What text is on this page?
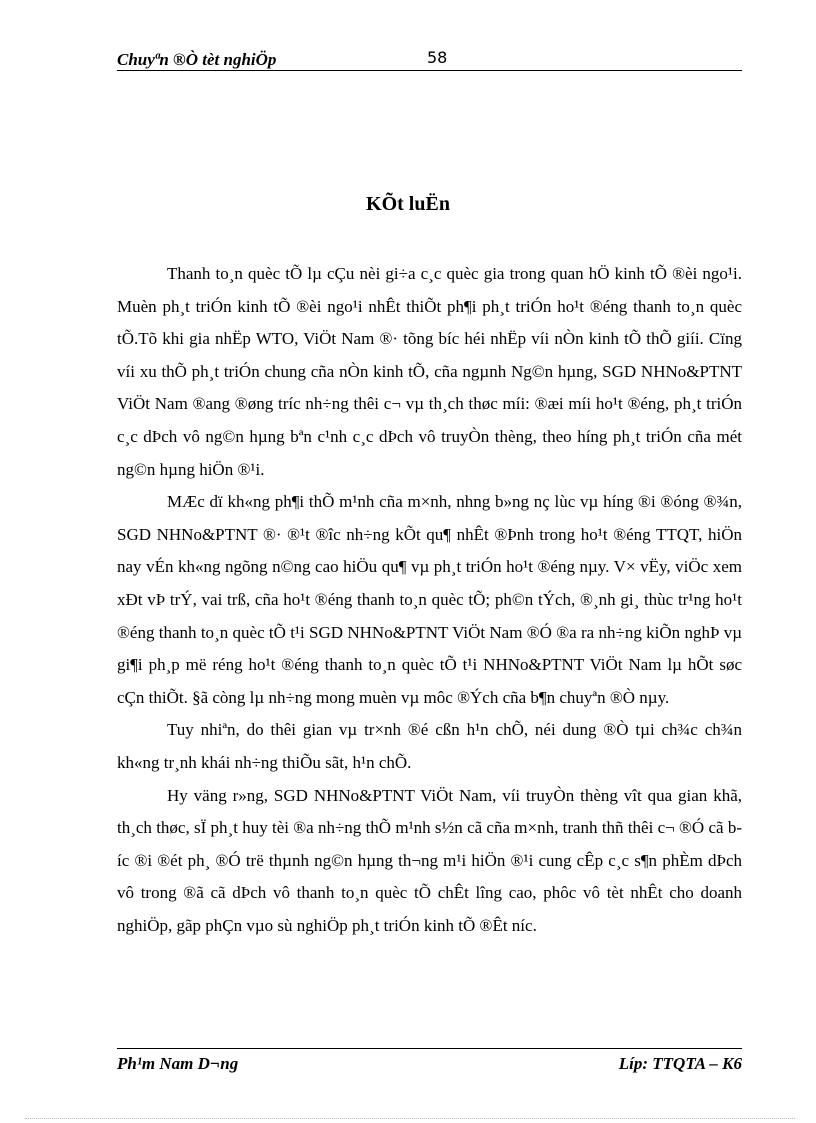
Chuyªn ®Ò tèt nghiÖp	58
KÕt luËn

Thanh to¸n quèc tÕ lµ cÇu nèi gi÷a c¸c quèc gia trong quan hÖ kinh tÕ ®èi ngo¹i. Muèn ph¸t triÓn kinh tÕ ®èi ngo¹i nhÊt thiÕt ph¶i ph¸t triÓn ho¹t ®éng thanh to¸n quèc tÕ.Tõ khi gia nhËp WTO, ViÖt Nam ®· tõng bíc héi nhËp víi nÒn kinh tÕ thÕ giíi. Cïng víi xu thÕ ph¸t triÓn chung cña nÒn kinh tÕ, cña ngµnh Ng©n hµng, SGD NHNo&PTNT ViÖt Nam ®ang ®øng tríc nh÷ng thêi c¬ vµ th¸ch thøc míi: ®æi míi ho¹t ®éng, ph¸t triÓn c¸c dÞch vô ng©n hµng bªn c¹nh c¸c dÞch vô truyÒn thèng, theo híng ph¸t triÓn cña mét ng©n hµng hiÖn ®¹i.

MÆc dï kh«ng ph¶i thÕ m¹nh cña m×nh, nhng b»ng nç lùc vµ híng ®i ®óng ®¾n, SGD NHNo&PTNT ®· ®¹t ®îc nh÷ng kÕt qu¶ nhÊt ®Þnh trong ho¹t ®éng TTQT, hiÖn nay vÉn kh«ng ngõng n©ng cao hiÖu qu¶ vµ ph¸t triÓn ho¹t ®éng nµy. V× vËy, viÖc xem xÐt vÞ trÝ, vai trß, cña ho¹t ®éng thanh to¸n quèc tÕ; ph©n tÝch, ®¸nh gi¸ thùc tr¹ng ho¹t ®éng thanh to¸n quèc tÕ t¹i SGD NHNo&PTNT ViÖt Nam ®Ó ®a ra nh÷ng kiÕn nghÞ vµ gi¶i ph¸p më réng ho¹t ®éng thanh to¸n quèc tÕ t¹i NHNo&PTNT ViÖt Nam lµ hÕt søc cÇn thiÕt. §ã còng lµ nh÷ng mong muèn vµ môc ®Ých cña b¶n chuyªn ®Ò nµy.

Tuy nhiªn, do thêi gian vµ tr×nh ®é cßn h¹n chÕ, néi dung ®Ò tµi ch¾c ch¾n kh«ng tr¸nh khái nh÷ng thiÕu sãt, h¹n chÕ.

Hy väng r»ng, SGD NHNo&PTNT ViÖt Nam, víi truyÒn thèng vît qua gian khã, th¸ch thøc, sÏ ph¸t huy tèi ®a nh÷ng thÕ m¹nh s½n cã cña m×nh, tranh thñ thêi c¬ ®Ó cã bíc ®i ®ét ph¸ ®Ó trë thµnh ng©n hµng th¬ng m¹i hiÖn ®¹i cung cÊp c¸c s¶n phÈm dÞch vô trong ®ã cã dÞch vô thanh to¸n quèc tÕ chÊt lîng cao, phôc vô tèt nhÊt cho doanh nghiÖp, gãp phÇn vµo sù nghiÖp ph¸t triÓn kinh tÕ ®Êt níc.

Ph¹m Nam D¬ng	Líp: TTQTA – K6
